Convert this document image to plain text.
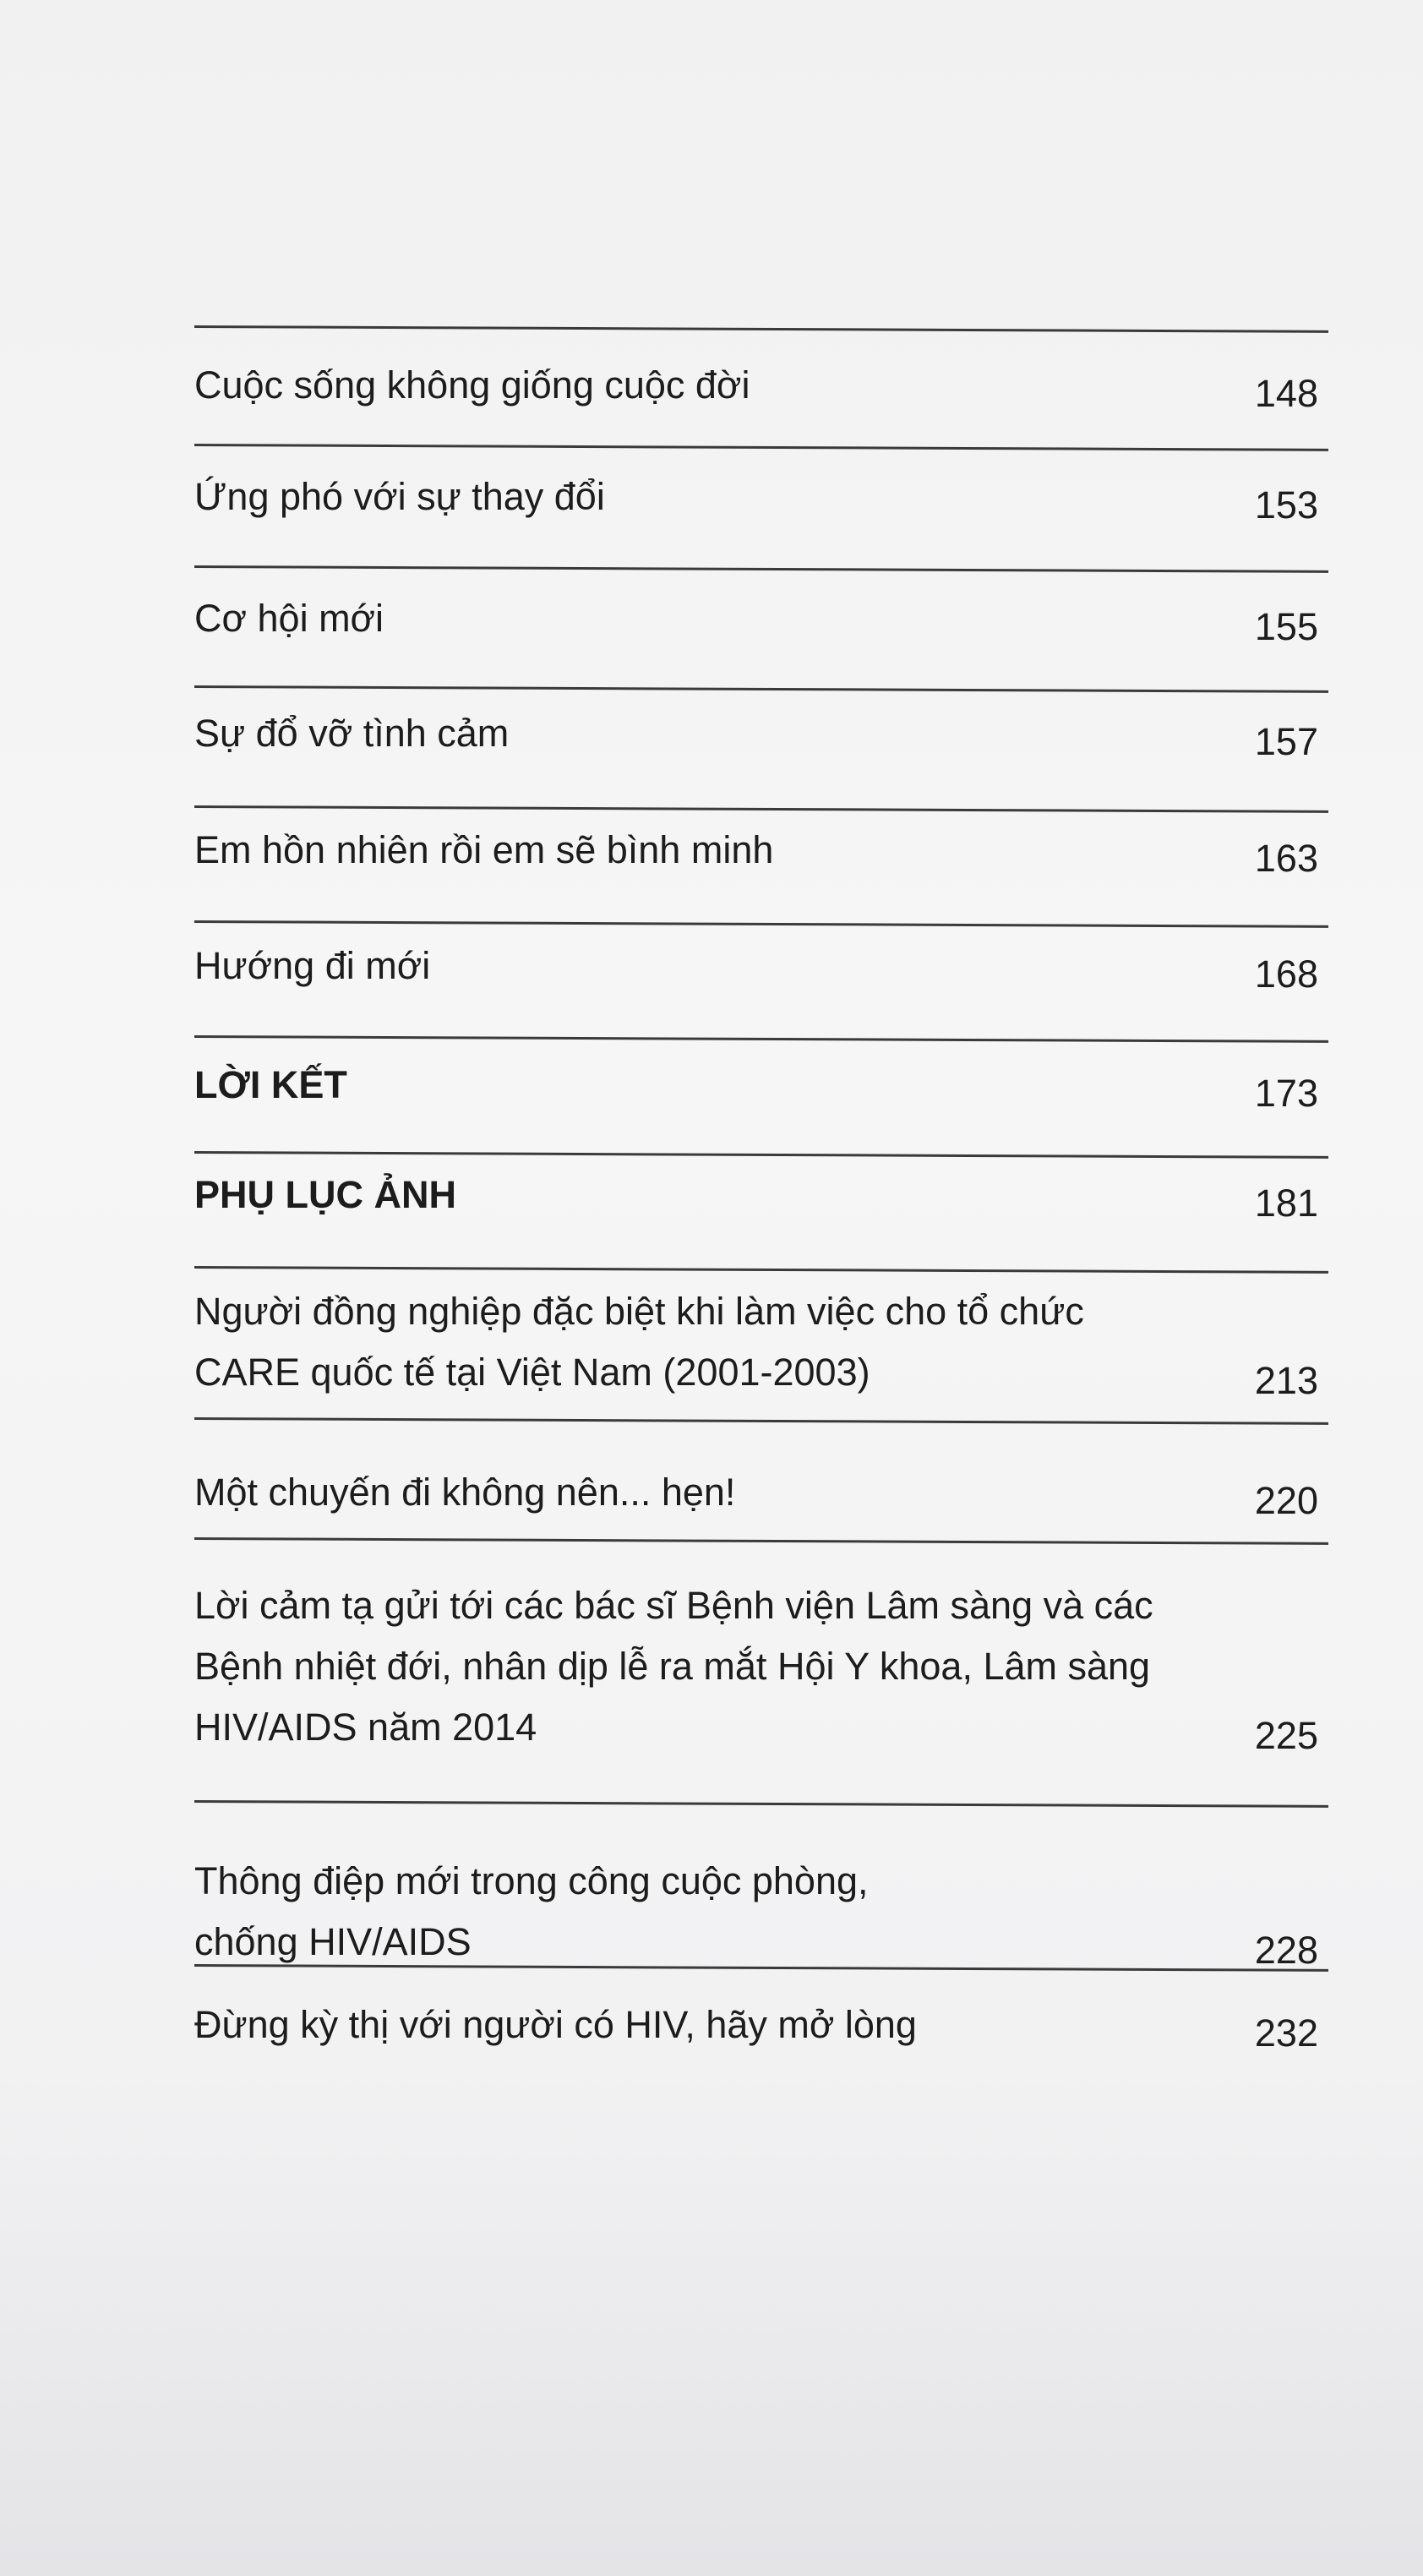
Cuộc sống không giống cuộc đời	148
Ứng phó với sự thay đổi	153
Cơ hội mới	155
Sự đổ vỡ tình cảm	157
Em hồn nhiên rồi em sẽ bình minh	163
Hướng đi mới	168
LỜI KẾT	173
PHỤ LỤC ẢNH	181
Người đồng nghiệp đặc biệt khi làm việc cho tổ chức CARE quốc tế tại Việt Nam (2001-2003)	213
Một chuyến đi không nên... hẹn!	220
Lời cảm tạ gửi tới các bác sĩ Bệnh viện Lâm sàng và các Bệnh nhiệt đới, nhân dịp lễ ra mắt Hội Y khoa, Lâm sàng HIV/AIDS năm 2014	225
Thông điệp mới trong công cuộc phòng, chống HIV/AIDS	228
Đừng kỳ thị với người có HIV, hãy mở lòng	232
